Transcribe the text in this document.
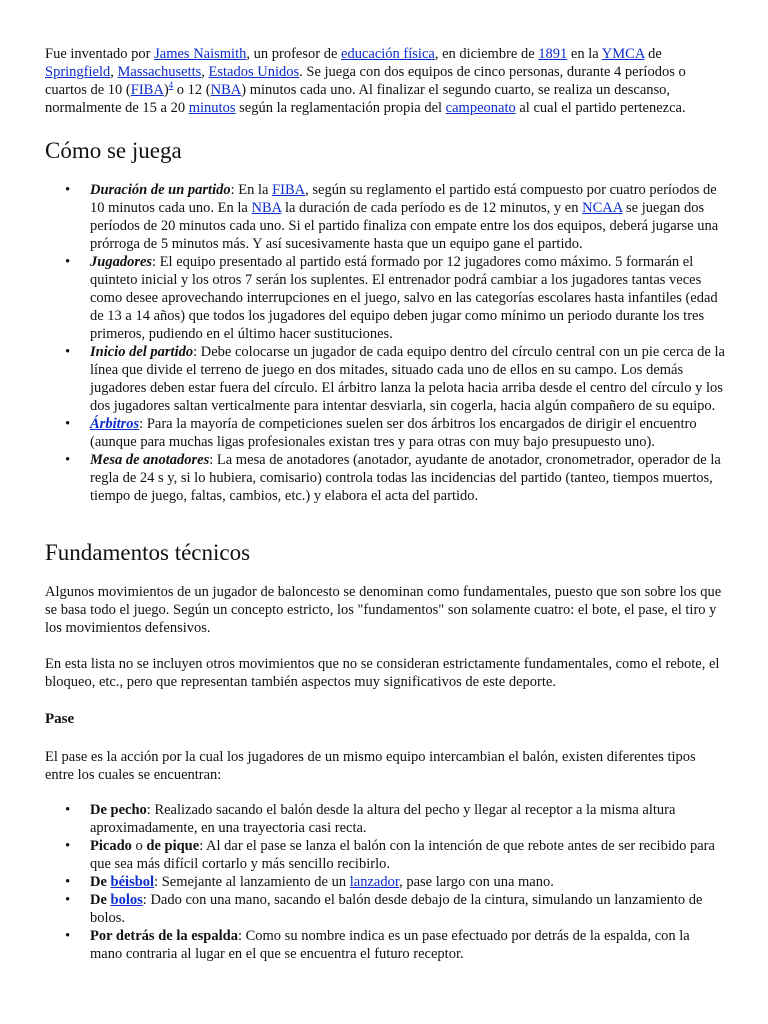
Fue inventado por James Naismith, un profesor de educación física, en diciembre de 1891 en la YMCA de Springfield, Massachusetts, Estados Unidos. Se juega con dos equipos de cinco personas, durante 4 períodos o cuartos de 10 (FIBA)$^4$ o 12 (NBA) minutos cada uno. Al finalizar el segundo cuarto, se realiza un descanso, normalmente de 15 a 20 minutos según la reglamentación propia del campeonato al cual el partido pertenezca.

Cómo se juega
• Duración de un partido: En la FIBA, según su reglamento el partido está compuesto por cuatro períodos de 10 minutos cada uno. En la NBA la duración de cada período es de 12 minutos, y en NCAA se juegan dos períodos de 20 minutos cada uno. Si el partido finaliza con empate entre los dos equipos, deberá jugarse una prórroga de 5 minutos más. Y así sucesivamente hasta que un equipo gane el partido.
• Jugadores: El equipo presentado al partido está formado por 12 jugadores como máximo. 5 formarán el quinteto inicial y los otros 7 serán los suplentes. El entrenador podrá cambiar a los jugadores tantas veces como desee aprovechando interrupciones en el juego, salvo en las categorías escolares hasta infantiles (edad de 13 a 14 años) que todos los jugadores del equipo deben jugar como mínimo un periodo durante los tres primeros, pudiendo en el último hacer sustituciones.
• Inicio del partido: Debe colocarse un jugador de cada equipo dentro del círculo central con un pie cerca de la línea que divide el terreno de juego en dos mitades, situado cada uno de ellos en su campo. Los demás jugadores deben estar fuera del círculo. El árbitro lanza la pelota hacia arriba desde el centro del círculo y los dos jugadores saltan verticalmente para intentar desviarla, sin cogerla, hacia algún compañero de su equipo.
• Árbitros: Para la mayoría de competiciones suelen ser dos árbitros los encargados de dirigir el encuentro (aunque para muchas ligas profesionales existan tres y para otras con muy bajo presupuesto uno).
• Mesa de anotadores: La mesa de anotadores (anotador, ayudante de anotador, cronometrador, operador de la regla de 24 s y, si lo hubiera, comisario) controla todas las incidencias del partido (tanteo, tiempos muertos, tiempo de juego, faltas, cambios, etc.) y elabora el acta del partido.
Fundamentos técnicos

Algunos movimientos de un jugador de baloncesto se denominan como fundamentales, puesto que son sobre los que se basa todo el juego. Según un concepto estricto, los "fundamentos" son solamente cuatro: el bote, el pase, el tiro y los movimientos defensivos.

En esta lista no se incluyen otros movimientos que no se consideran estrictamente fundamentales, como el rebote, el bloqueo, etc., pero que representan también aspectos muy significativos de este deporte.

Pase

El pase es la acción por la cual los jugadores de un mismo equipo intercambian el balón, existen diferentes tipos entre los cuales se encuentran:

• De pecho: Realizado sacando el balón desde la altura del pecho y llegar al receptor a la misma altura aproximadamente, en una trayectoria casi recta.
• Picado o de pique: Al dar el pase se lanza el balón con la intención de que rebote antes de ser recibido para que sea más difícil cortarlo y más sencillo recibirlo.
• De béisbol: Semejante al lanzamiento de un lanzador, pase largo con una mano.
• De bolos: Dado con una mano, sacando el balón desde debajo de la cintura, simulando un lanzamiento de bolos.
• Por detrás de la espalda: Como su nombre indica es un pase efectuado por detrás de la espalda, con la mano contraria al lugar en el que se encuentra el futuro receptor.
